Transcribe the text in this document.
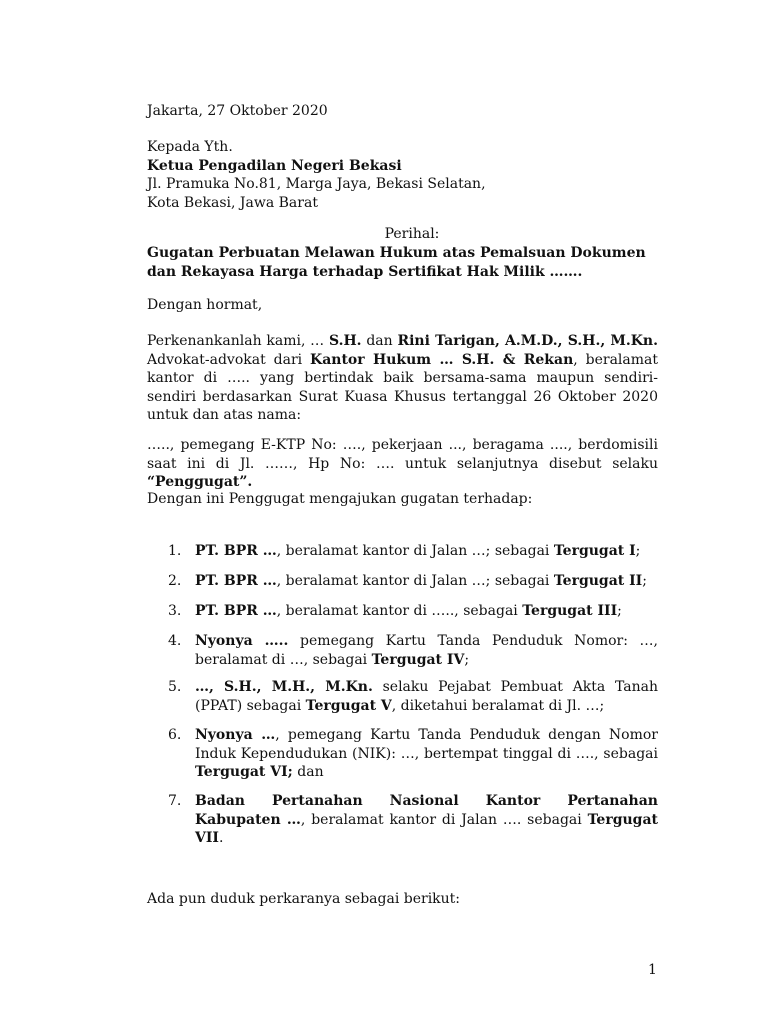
Jakarta, 27 Oktober 2020
Kepada Yth.
Ketua Pengadilan Negeri Bekasi
Jl. Pramuka No.81, Marga Jaya, Bekasi Selatan,
Kota Bekasi, Jawa Barat
Perihal:
Gugatan Perbuatan Melawan Hukum atas Pemalsuan Dokumen
dan Rekayasa Harga terhadap Sertifikat Hak Milik …….
Dengan hormat,
Perkenankanlah kami, … S.H. dan Rini Tarigan, A.M.D., S.H., M.Kn. Advokat-advokat dari Kantor Hukum … S.H. & Rekan, beralamat kantor di ….. yang bertindak baik bersama-sama maupun sendiri-sendiri berdasarkan Surat Kuasa Khusus tertanggal 26 Oktober 2020 untuk dan atas nama:
….., pemegang E-KTP No: …., pekerjaan ..., beragama ...., berdomisili saat ini di Jl. ……, Hp No: …. untuk selanjutnya disebut selaku “Penggugat”.
Dengan ini Penggugat mengajukan gugatan terhadap:
1. PT. BPR …, beralamat kantor di Jalan …; sebagai Tergugat I;
2. PT. BPR …, beralamat kantor di Jalan …; sebagai Tergugat II;
3. PT. BPR …, beralamat kantor di ….., sebagai Tergugat III;
4. Nyonya ….. pemegang Kartu Tanda Penduduk Nomor: …, beralamat di …, sebagai Tergugat IV;
5. …, S.H., M.H., M.Kn. selaku Pejabat Pembuat Akta Tanah (PPAT) sebagai Tergugat V, diketahui beralamat di Jl. …;
6. Nyonya …, pemegang Kartu Tanda Penduduk dengan Nomor Induk Kependudukan (NIK): …, bertempat tinggal di …., sebagai Tergugat VI; dan
7. Badan Pertanahan Nasional Kantor Pertanahan Kabupaten …, beralamat kantor di Jalan …. sebagai Tergugat VII.
Ada pun duduk perkaranya sebagai berikut:
1
